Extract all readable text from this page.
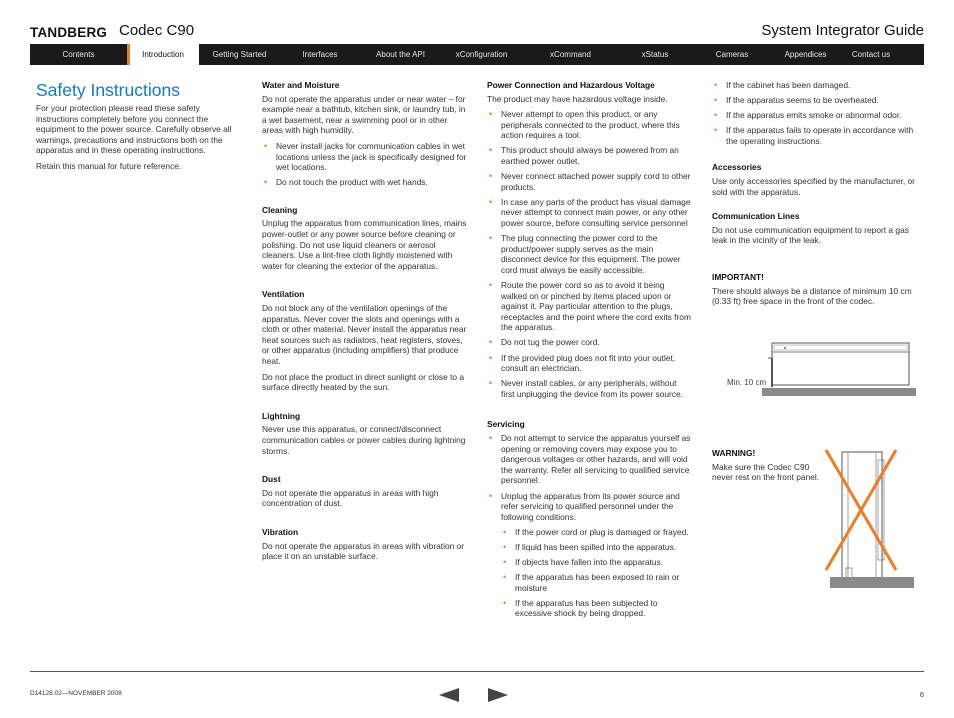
TANDBERG Codec C90	System Integrator Guide
Contents	Introduction	Getting Started	Interfaces	About the API	xConfiguration	xCommand	xStatus	Cameras	Appendices	Contact us
Safety Instructions

For your protection please read these safety instructions completely before you connect the equipment to the power source. Carefully observe all warnings, precautions and instructions both on the apparatus and in these operating instructions.

Retain this manual for future reference.

Water and Moisture

Do not operate the apparatus under or near water – for example near a bathtub, kitchen sink, or laundry tub, in a wet basement, near a swimming pool or in other areas with high humidity.

• Never install jacks for communication cables in wet locations unless the jack is specifically designed for wet locations.
• Do not touch the product with wet hands.
Cleaning

Unplug the apparatus from communication lines, mains power-outlet or any power source before cleaning or polishing. Do not use liquid cleaners or aerosol cleaners. Use a lint-free cloth lightly moistened with water for cleaning the exterior of the apparatus.

Ventilation

Do not block any of the ventilation openings of the apparatus. Never cover the slots and openings with a cloth or other material. Never install the apparatus near heat sources such as radiators, heat registers, stoves, or other apparatus (including amplifiers) that produce heat.

Do not place the product in direct sunlight or close to a surface directly heated by the sun.

Lightning

Never use this apparatus, or connect/disconnect communication cables or power cables during lightning storms.

Dust

Do not operate the apparatus in areas with high concentration of dust.

Vibration

Do not operate the apparatus in areas with vibration or place it on an unstable surface.

Power Connection and Hazardous Voltage

The product may have hazardous voltage inside.

• Never attempt to open this product, or any peripherals connected to the product, where this action requires a tool.
• This product should always be powered from an earthed power outlet.
• Never connect attached power supply cord to other products.
• In case any parts of the product has visual damage never attempt to connect main power, or any other power source, before consulting service personnel
• The plug connecting the power cord to the product/power supply serves as the main disconnect device for this equipment. The power cord must always be easily accessible.
• Route the power cord so as to avoid it being walked on or pinched by items placed upon or against it. Pay particular attention to the plugs, receptacles and the point where the cord exits from the apparatus.
• Do not tug the power cord.
• If the provided plug does not fit into your outlet, consult an electrician.
• Never install cables, or any peripherals, without first unplugging the device from its power source.
Servicing
• Do not attempt to service the apparatus yourself as opening or removing covers may expose you to dangerous voltages or other hazards, and will void the warranty. Refer all servicing to qualified service personnel.
• Unplug the apparatus from its power source and refer servicing to qualified personnel under the following conditions:
• If the power cord or plug is damaged or frayed.
• If liquid has been spilled into the apparatus.
• If objects have fallen into the apparatus.
• If the apparatus has been exposed to rain or moisture
• If the apparatus has been subjected to excessive shock by being dropped.
• If the cabinet has been damaged.
• If the apparatus seems to be overheated.
• If the apparatus emits smoke or abnormal odor.
• If the apparatus fails to operate in accordance with the operating instructions.
Accessories

Use only accessories specified by the manufacturer, or sold with the apparatus.

Communication Lines

Do not use communication equipment to report a gas leak in the vicinity of the leak.

IMPORTANT!

There should always be a distance of minimum 10 cm (0.33 ft) free space in the front of the codec.

Min. 10 cm
WARNING!

Make sure the Codec C90 never rest on the front panel.

D14128.02—NOVEMBER 2008	6
